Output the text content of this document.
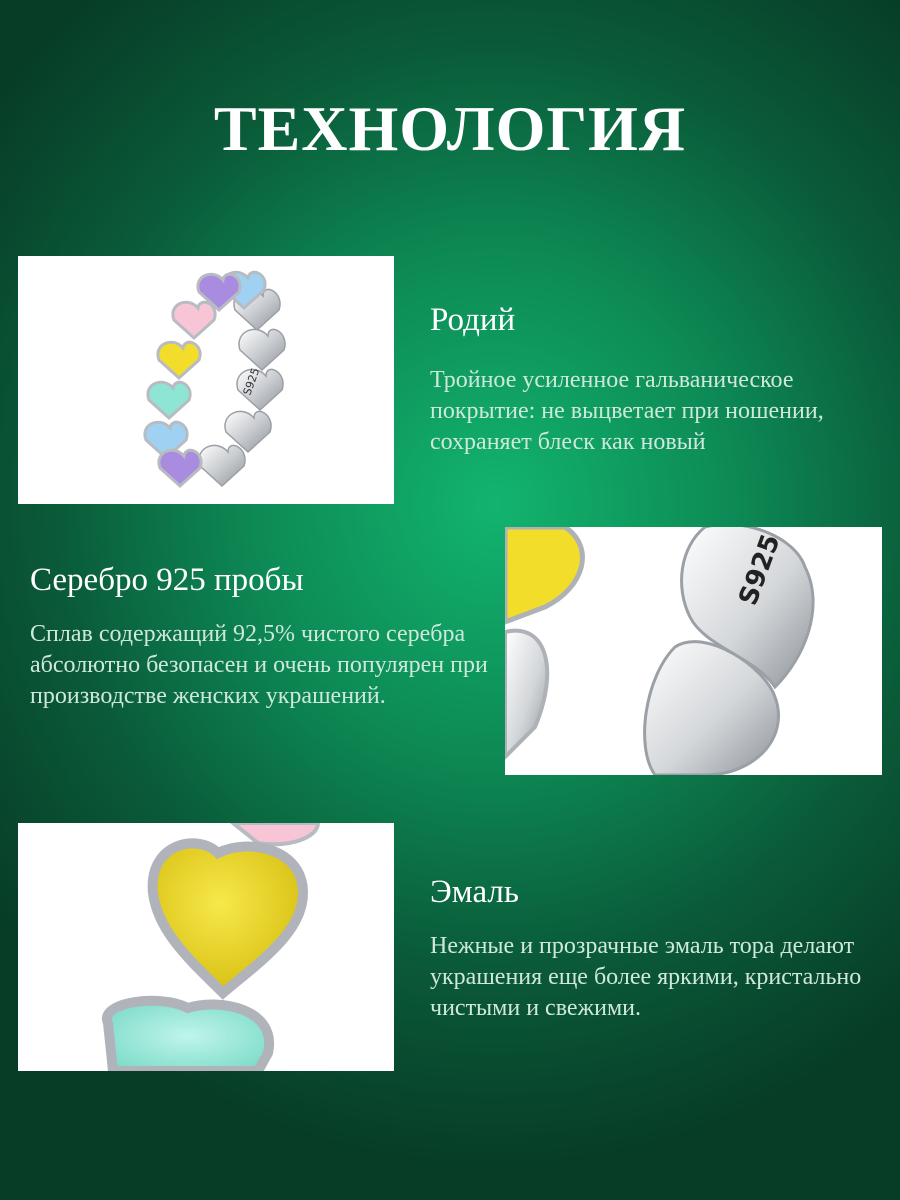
ТЕХНОЛОГИЯ
S925
Родий

Тройное усиленное гальваническое покрытие: не выцветает при ношении, сохраняет блеск как новый

Серебро 925 пробы

Сплав содержащий 92,5% чистого серебра абсолютно безопасен и очень популярен при производстве женских украшений.

S925
Эмаль

Нежные и прозрачные эмаль тора делают украшения еще более яркими, кристально чистыми и свежими.
